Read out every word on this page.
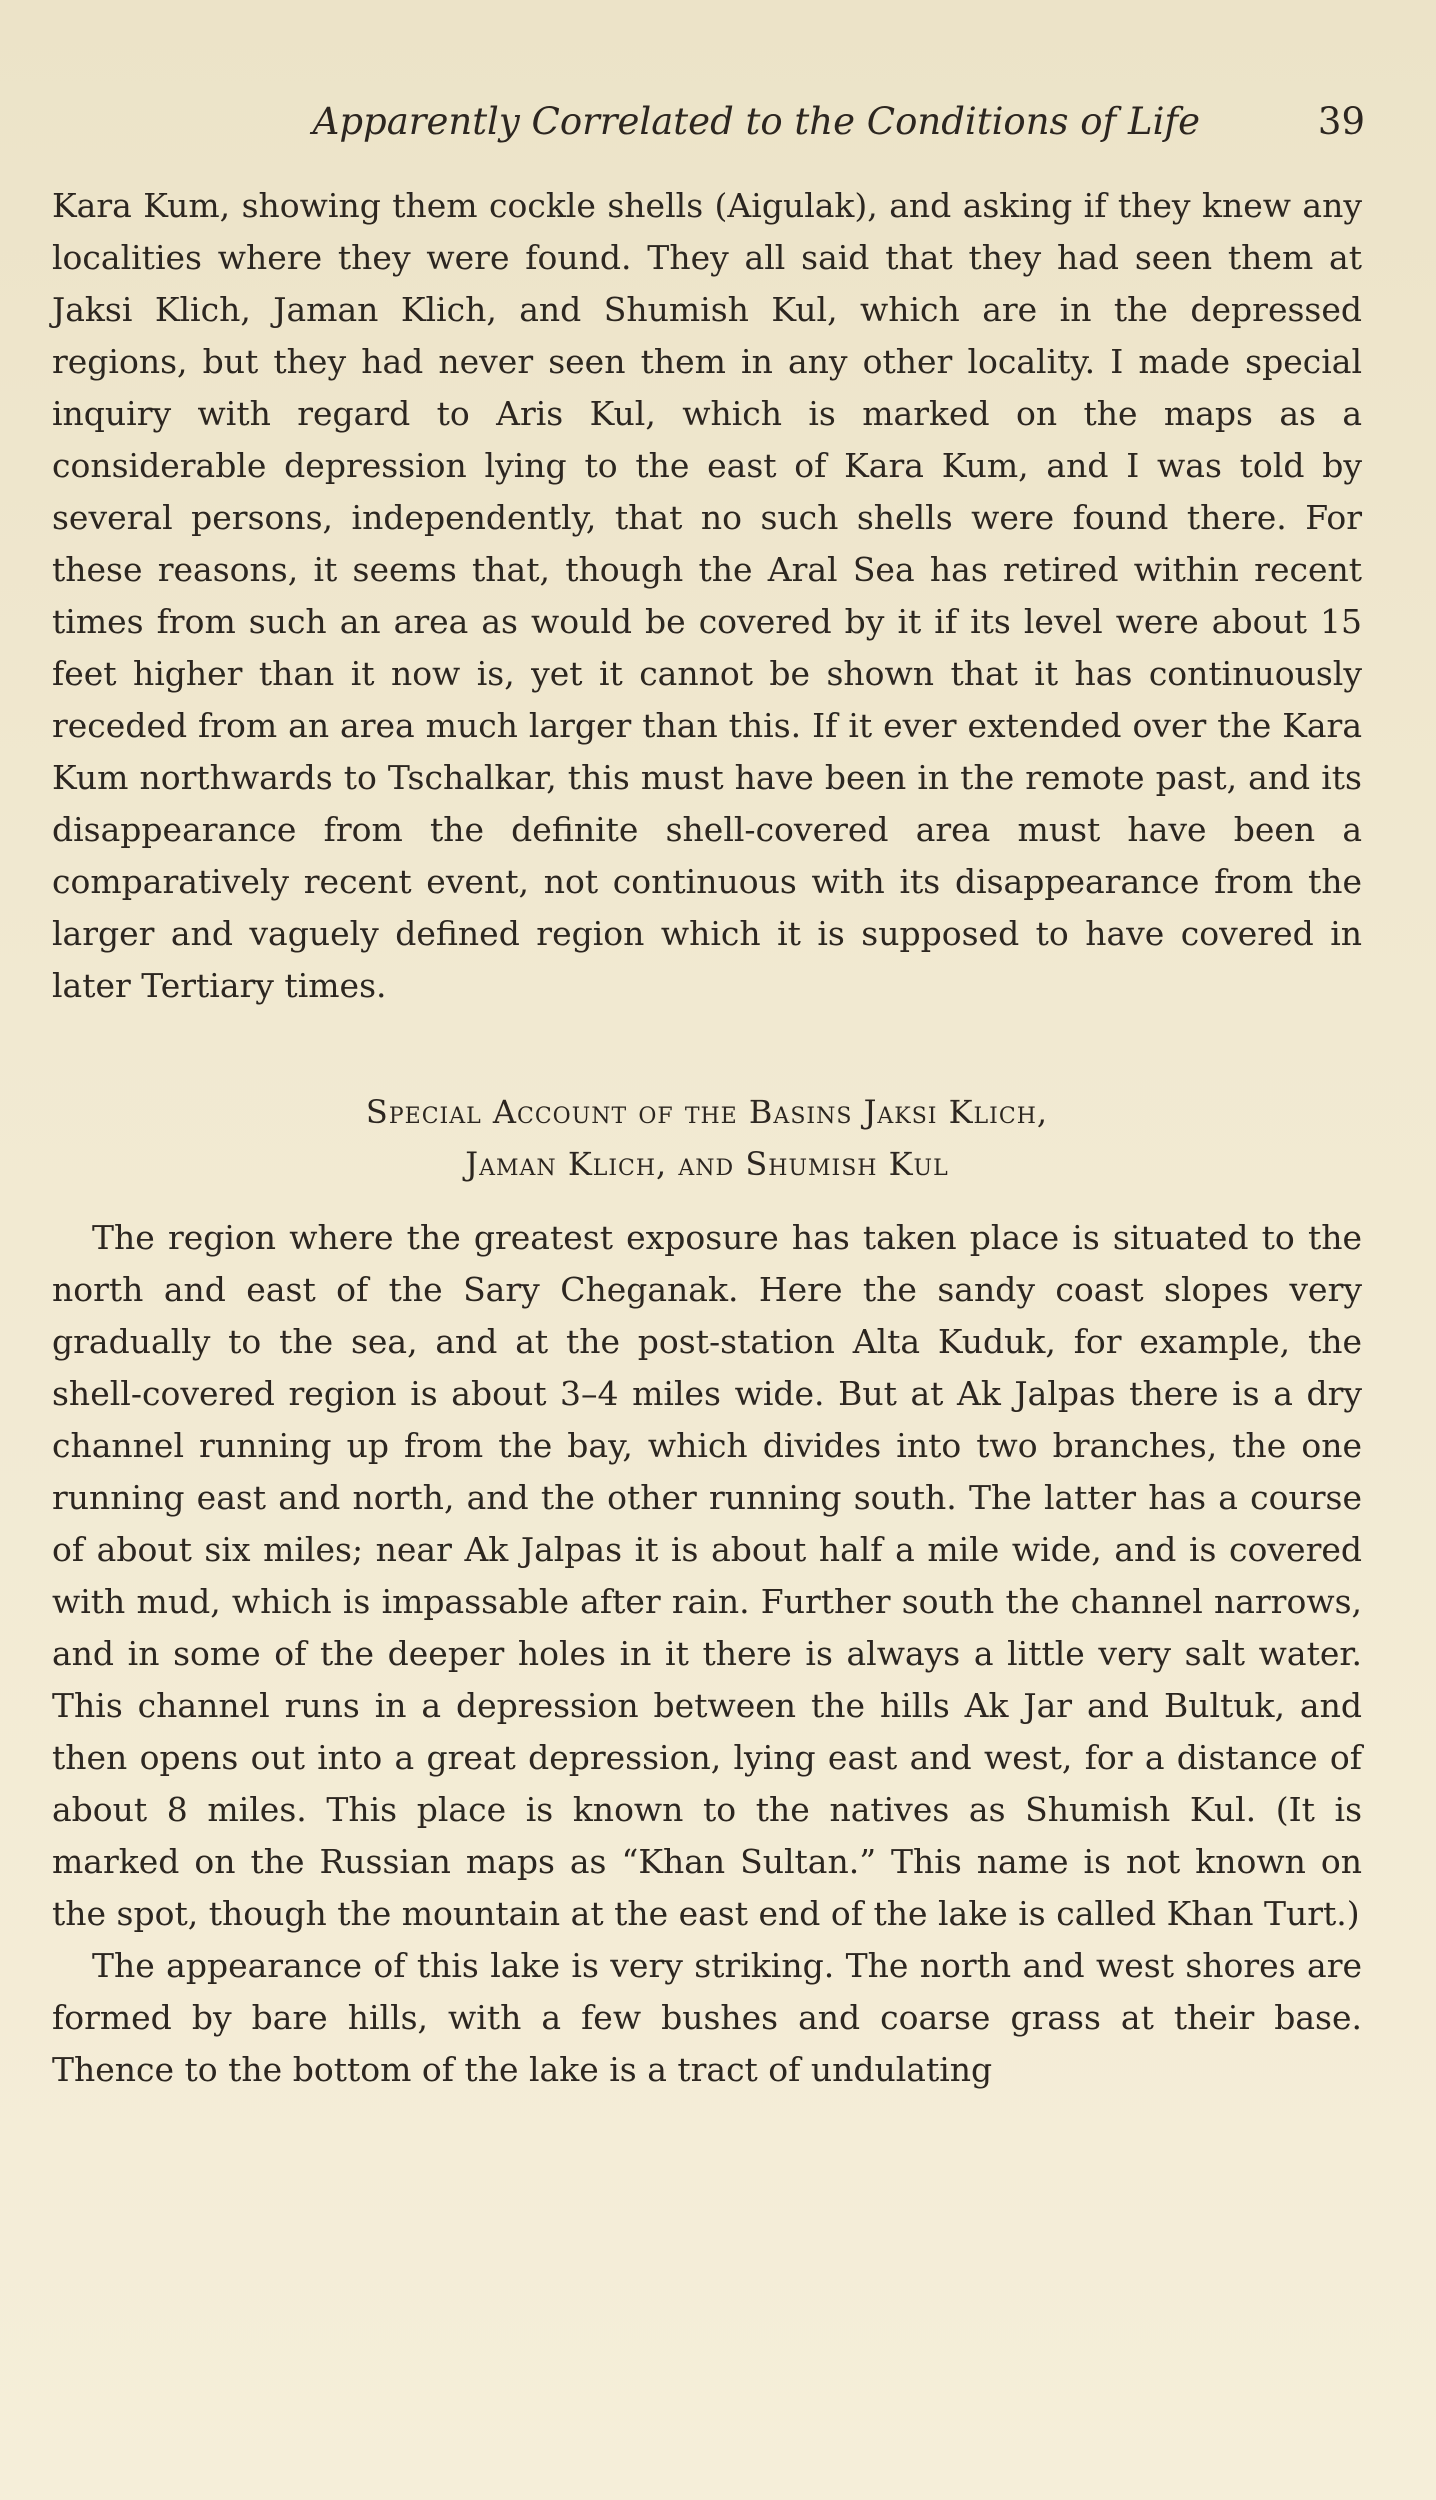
Apparently Correlated to the Conditions of Life	39

Kara Kum, showing them cockle shells (Aigulak), and asking if they knew any localities where they were found. They all said that they had seen them at Jaksi Klich, Jaman Klich, and Shumish Kul, which are in the depressed regions, but they had never seen them in any other locality. I made special inquiry with regard to Aris Kul, which is marked on the maps as a considerable depression lying to the east of Kara Kum, and I was told by several persons, independently, that no such shells were found there. For these reasons, it seems that, though the Aral Sea has retired within recent times from such an area as would be covered by it if its level were about 15 feet higher than it now is, yet it cannot be shown that it has continuously receded from an area much larger than this. If it ever extended over the Kara Kum northwards to Tschalkar, this must have been in the remote past, and its disappearance from the definite shell-covered area must have been a comparatively recent event, not continuous with its disappearance from the larger and vaguely defined region which it is supposed to have covered in later Tertiary times.

Special Account of the Basins Jaksi Klich,
Jaman Klich, and Shumish Kul

The region where the greatest exposure has taken place is situated to the north and east of the Sary Cheganak. Here the sandy coast slopes very gradually to the sea, and at the post-station Alta Kuduk, for example, the shell-covered region is about 3–4 miles wide. But at Ak Jalpas there is a dry channel running up from the bay, which divides into two branches, the one running east and north, and the other running south. The latter has a course of about six miles; near Ak Jalpas it is about half a mile wide, and is covered with mud, which is impassable after rain. Further south the channel narrows, and in some of the deeper holes in it there is always a little very salt water. This channel runs in a depression between the hills Ak Jar and Bultuk, and then opens out into a great depression, lying east and west, for a distance of about 8 miles. This place is known to the natives as Shumish Kul. (It is marked on the Russian maps as “Khan Sultan.” This name is not known on the spot, though the mountain at the east end of the lake is called Khan Turt.)

The appearance of this lake is very striking. The north and west shores are formed by bare hills, with a few bushes and coarse grass at their base. Thence to the bottom of the lake is a tract of undulating
